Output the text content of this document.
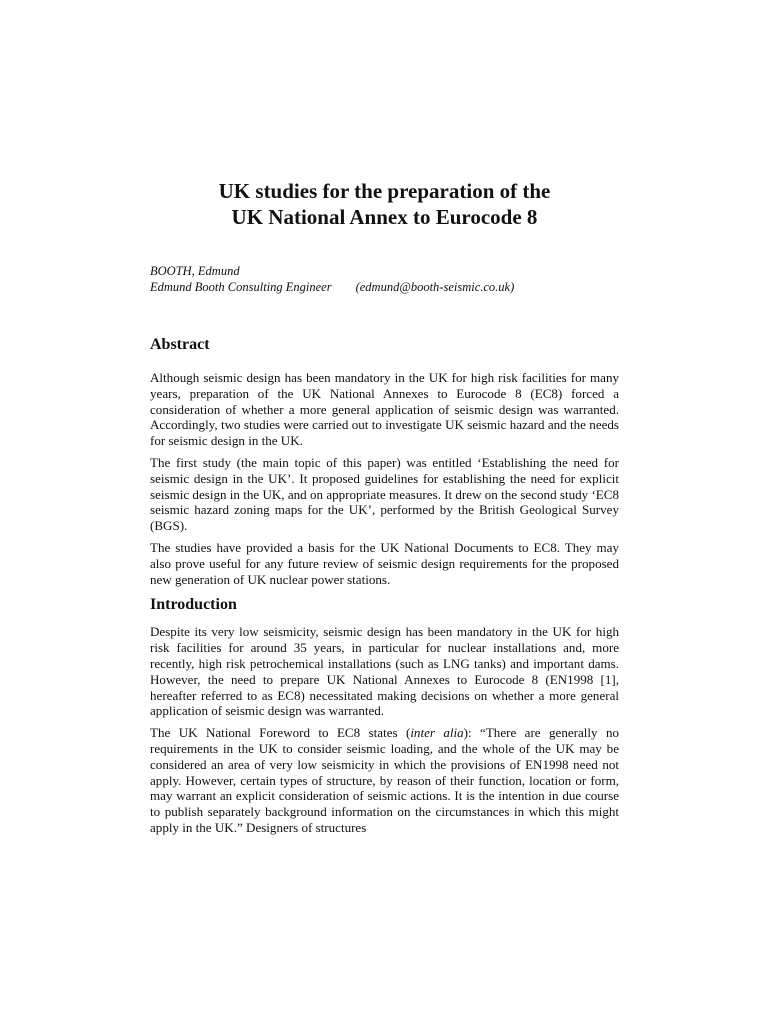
UK studies for the preparation of the
UK National Annex to Eurocode 8
BOOTH, Edmund
Edmund Booth Consulting Engineer (edmund@booth-seismic.co.uk)
Abstract

Although seismic design has been mandatory in the UK for high risk facilities for many years, preparation of the UK National Annexes to Eurocode 8 (EC8) forced a consideration of whether a more general application of seismic design was warranted. Accordingly, two studies were carried out to investigate UK seismic hazard and the needs for seismic design in the UK.

The first study (the main topic of this paper) was entitled ‘Establishing the need for seismic design in the UK’. It proposed guidelines for establishing the need for explicit seismic design in the UK, and on appropriate measures. It drew on the second study ‘EC8 seismic hazard zoning maps for the UK’, performed by the British Geological Survey (BGS).

The studies have provided a basis for the UK National Documents to EC8. They may also prove useful for any future review of seismic design requirements for the proposed new generation of UK nuclear power stations.

Introduction

Despite its very low seismicity, seismic design has been mandatory in the UK for high risk facilities for around 35 years, in particular for nuclear installations and, more recently, high risk petrochemical installations (such as LNG tanks) and important dams. However, the need to prepare UK National Annexes to Eurocode 8 (EN1998 [1], hereafter referred to as EC8) necessitated making decisions on whether a more general application of seismic design was warranted.

The UK National Foreword to EC8 states (inter alia): “There are generally no requirements in the UK to consider seismic loading, and the whole of the UK may be considered an area of very low seismicity in which the provisions of EN1998 need not apply. However, certain types of structure, by reason of their function, location or form, may warrant an explicit consideration of seismic actions. It is the intention in due course to publish separately background information on the circumstances in which this might apply in the UK.” Designers of structures
